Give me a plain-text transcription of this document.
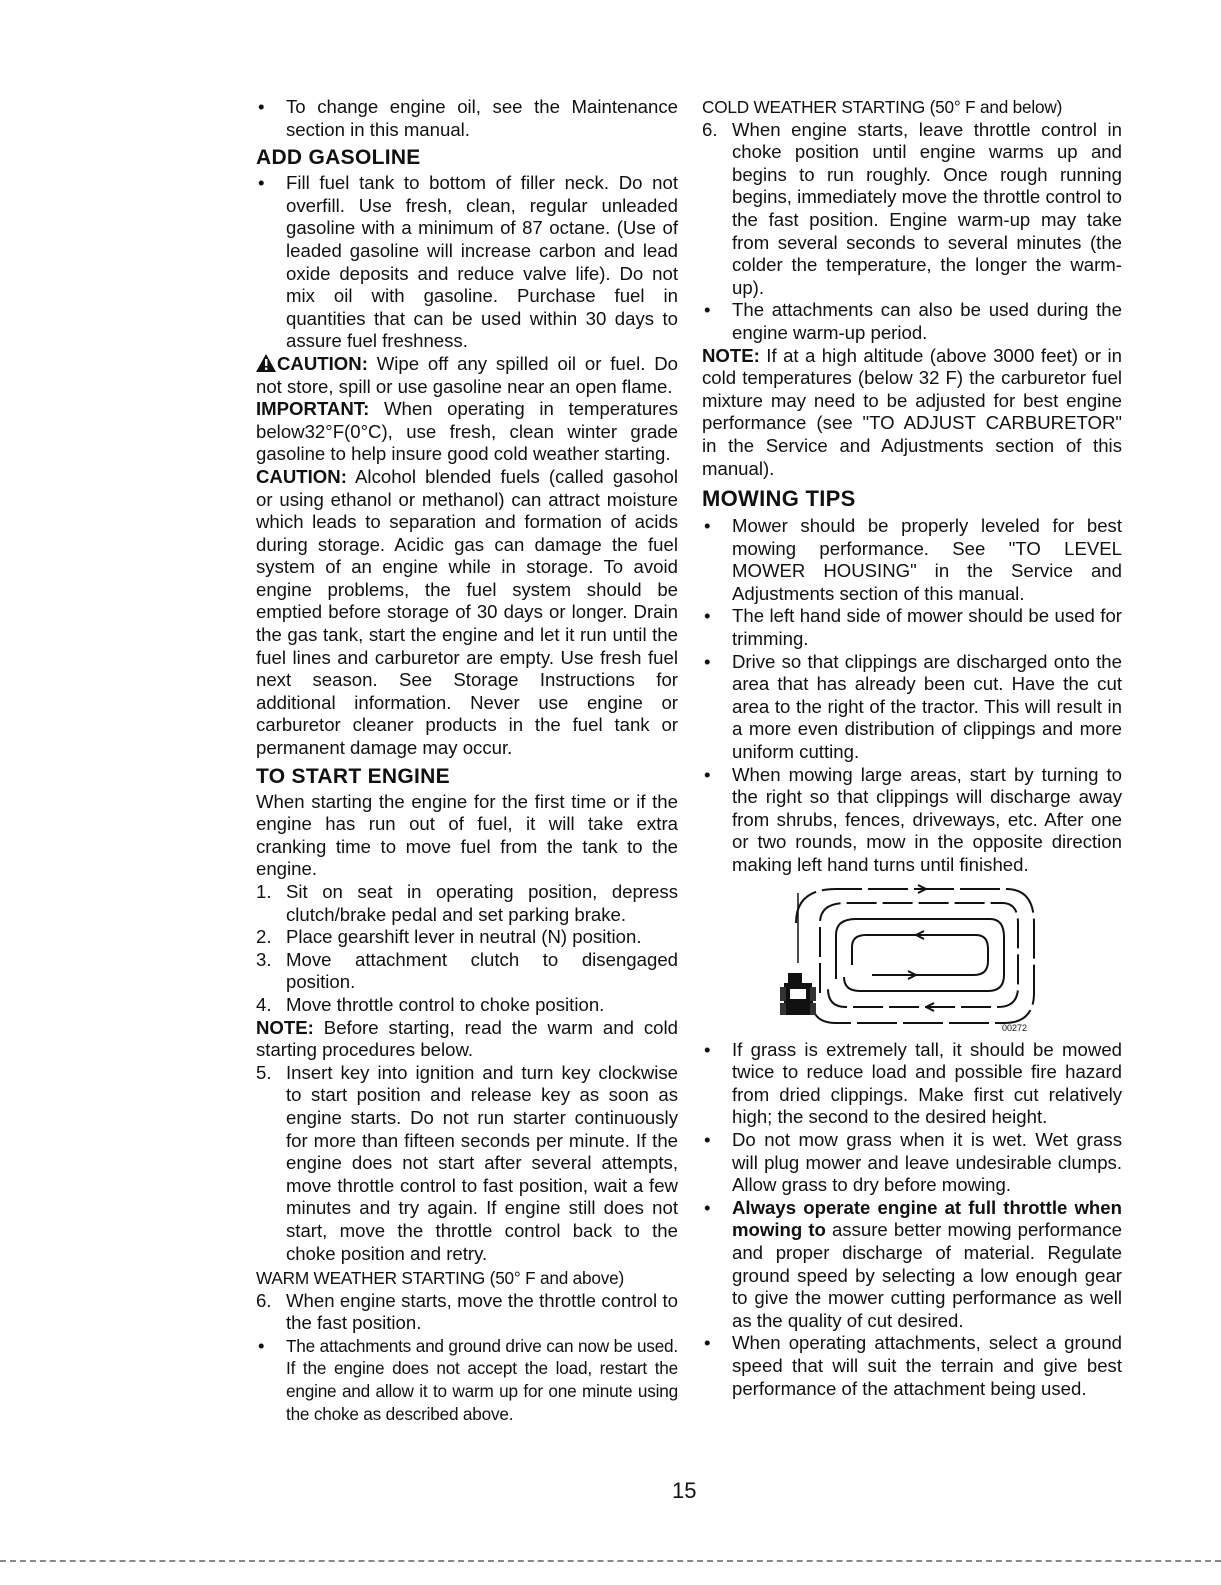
•	To change engine oil, see the Maintenance section in this manual.

ADD GASOLINE
•	Fill fuel tank to bottom of filler neck. Do not overfill. Use fresh, clean, regular unleaded gasoline with a minimum of 87 octane. (Use of leaded gasoline will increase carbon and lead oxide deposits and reduce valve life). Do not mix oil with gasoline. Purchase fuel in quantities that can be used within 30 days to assure fuel freshness.

CAUTION: Wipe off any spilled oil or fuel. Do not store, spill or use gasoline near an open flame.

IMPORTANT: When operating in temperatures below32°F(0°C), use fresh, clean winter grade gasoline to help insure good cold weather starting.

CAUTION: Alcohol blended fuels (called gasohol or using ethanol or methanol) can attract moisture which leads to separation and formation of acids during storage. Acidic gas can damage the fuel system of an engine while in storage. To avoid engine problems, the fuel system should be emptied before storage of 30 days or longer. Drain the gas tank, start the engine and let it run until the fuel lines and carburetor are empty. Use fresh fuel next season. See Storage Instructions for additional information. Never use engine or carburetor cleaner products in the fuel tank or permanent damage may occur.

TO START ENGINE

When starting the engine for the first time or if the engine has run out of fuel, it will take extra cranking time to move fuel from the tank to the engine.

1. Sit on seat in operating position, depress clutch/brake pedal and set parking brake.

2. Place gearshift lever in neutral (N) position.

3. Move attachment clutch to disengaged position.

4. Move throttle control to choke position.

NOTE: Before starting, read the warm and cold starting procedures below.

5. Insert key into ignition and turn key clockwise to start position and release key as soon as engine starts. Do not run starter continuously for more than fifteen seconds per minute. If the engine does not start after several attempts, move throttle control to fast position, wait a few minutes and try again. If engine still does not start, move the throttle control back to the choke position and retry.

WARM WEATHER STARTING (50° F and above)

6. When engine starts, move the throttle control to the fast position.

•	The attachments and ground drive can now be used. If the engine does not accept the load, restart the engine and allow it to warm up for one minute using the choke as described above.

COLD WEATHER STARTING (50° F and below)

6. When engine starts, leave throttle control in choke position until engine warms up and begins to run roughly. Once rough running begins, immediately move the throttle control to the fast position. Engine warm-up may take from several seconds to several minutes (the colder the temperature, the longer the warm-up).

•	The attachments can also be used during the engine warm-up period.

NOTE: If at a high altitude (above 3000 feet) or in cold temperatures (below 32 F) the carburetor fuel mixture may need to be adjusted for best engine performance (see "TO ADJUST CARBURETOR" in the Service and Adjustments section of this manual).

MOWING TIPS
•	Mower should be properly leveled for best mowing performance. See "TO LEVEL MOWER HOUSING" in the Service and Adjustments section of this manual.

•	The left hand side of mower should be used for trimming.

•	Drive so that clippings are discharged onto the area that has already been cut. Have the cut area to the right of the tractor. This will result in a more even distribution of clippings and more uniform cutting.

•	When mowing large areas, start by turning to the right so that clippings will discharge away from shrubs, fences, driveways, etc. After one or two rounds, mow in the opposite direction making left hand turns until finished.

00272
•	If grass is extremely tall, it should be mowed twice to reduce load and possible fire hazard from dried clippings. Make first cut relatively high; the second to the desired height.

•	Do not mow grass when it is wet. Wet grass will plug mower and leave undesirable clumps. Allow grass to dry before mowing.

•	Always operate engine at full throttle when mowing to assure better mowing performance and proper discharge of material. Regulate ground speed by selecting a low enough gear to give the mower cutting performance as well as the quality of cut desired.

•	When operating attachments, select a ground speed that will suit the terrain and give best performance of the attachment being used.

15
